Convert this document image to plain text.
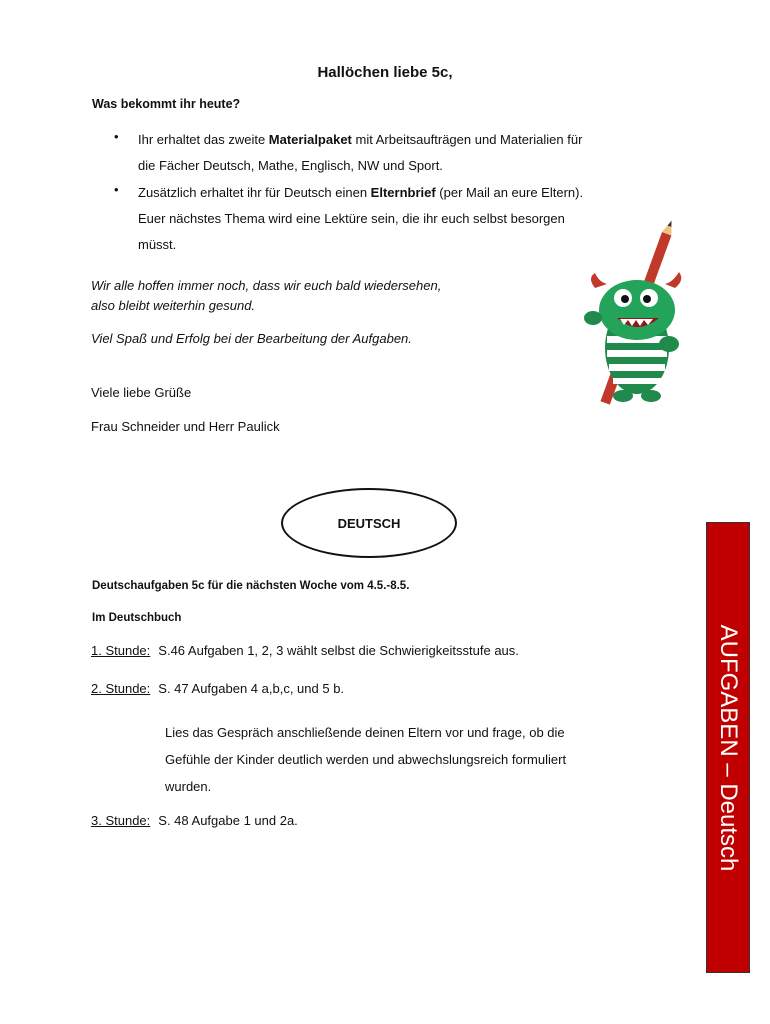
Hallöchen liebe 5c,
Was bekommt ihr heute?
• Ihr erhaltet das zweite Materialpaket mit Arbeitsaufträgen und Materialien für
die Fächer Deutsch, Mathe, Englisch, NW und Sport.
• Zusätzlich erhaltet ihr für Deutsch einen Elternbrief (per Mail an eure Eltern).
Euer nächstes Thema wird eine Lektüre sein, die ihr euch selbst besorgen
müsst.
Wir alle hoffen immer noch, dass wir euch bald wiedersehen,
also bleibt weiterhin gesund.
Viel Spaß und Erfolg bei der Bearbeitung der Aufgaben.
Viele liebe Grüße
Frau Schneider und Herr Paulick
DEUTSCH
Deutschaufgaben 5c für die nächsten Woche vom 4.5.-8.5.
Im Deutschbuch
1. Stunde: S.46 Aufgaben 1, 2, 3 wählt selbst die Schwierigkeitsstufe aus.
2. Stunde: S. 47 Aufgaben 4 a,b,c, und 5 b.
Lies das Gespräch anschließende deinen Eltern vor und frage, ob die
Gefühle der Kinder deutlich werden und abwechslungsreich formuliert
wurden.
3. Stunde: S. 48 Aufgabe 1 und 2a.	AUFGABEN – Deutsch
